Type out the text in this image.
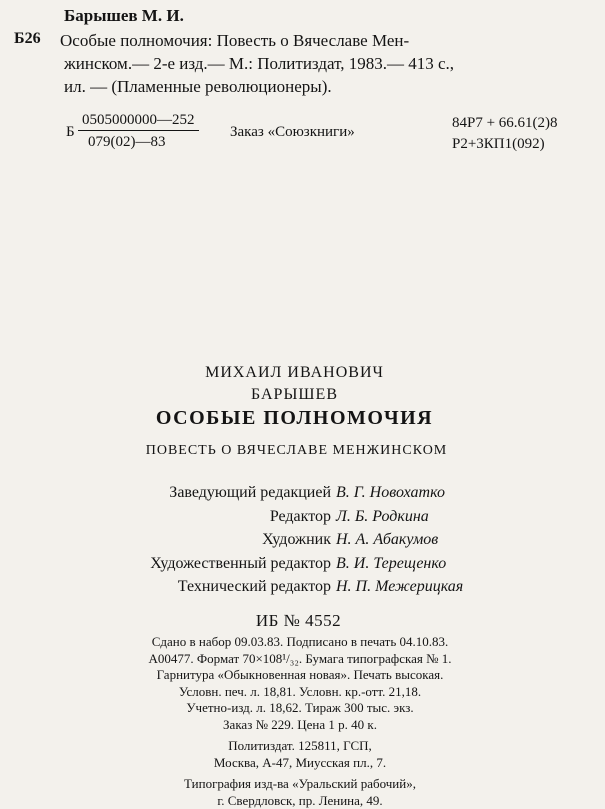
Барышев М. И.
Б26 Особые полномочия: Повесть о Вячеславе Мен-
жинском.— 2-е изд.— М.: Политиздат, 1983.— 413 с.,
ил. — (Пламенные революционеры).
Б
0505000000—252
079(02)—83
Заказ «Союзкниги»
84Р7 + 66.61(2)8
Р2+3КП1(092)
МИХАИЛ ИВАНОВИЧ
БАРЫШЕВ
ОСОБЫЕ ПОЛНОМОЧИЯ
ПОВЕСТЬ О ВЯЧЕСЛАВЕ МЕНЖИНСКОМ
Заведующий редакцией В. Г. Новохатко
Редактор Л. Б. Родкина
Художник Н. А. Абакумов
Художественный редактор В. И. Терещенко
Технический редактор Н. П. Межерицкая
ИБ № 4552
Сдано в набор 09.03.83. Подписано в печать 04.10.83.
А00477. Формат 70×108¹/₃₂. Бумага типографская № 1.
Гарнитура «Обыкновенная новая». Печать высокая.
Условн. печ. л. 18,81. Условн. кр.-отт. 21,18.
Учетно-изд. л. 18,62. Тираж 300 тыс. экз.
Заказ № 229. Цена 1 р. 40 к.
Политиздат. 125811, ГСП,
Москва, А-47, Миусская пл., 7.
Типография изд-ва «Уральский рабочий»,
г. Свердловск, пр. Ленина, 49.
